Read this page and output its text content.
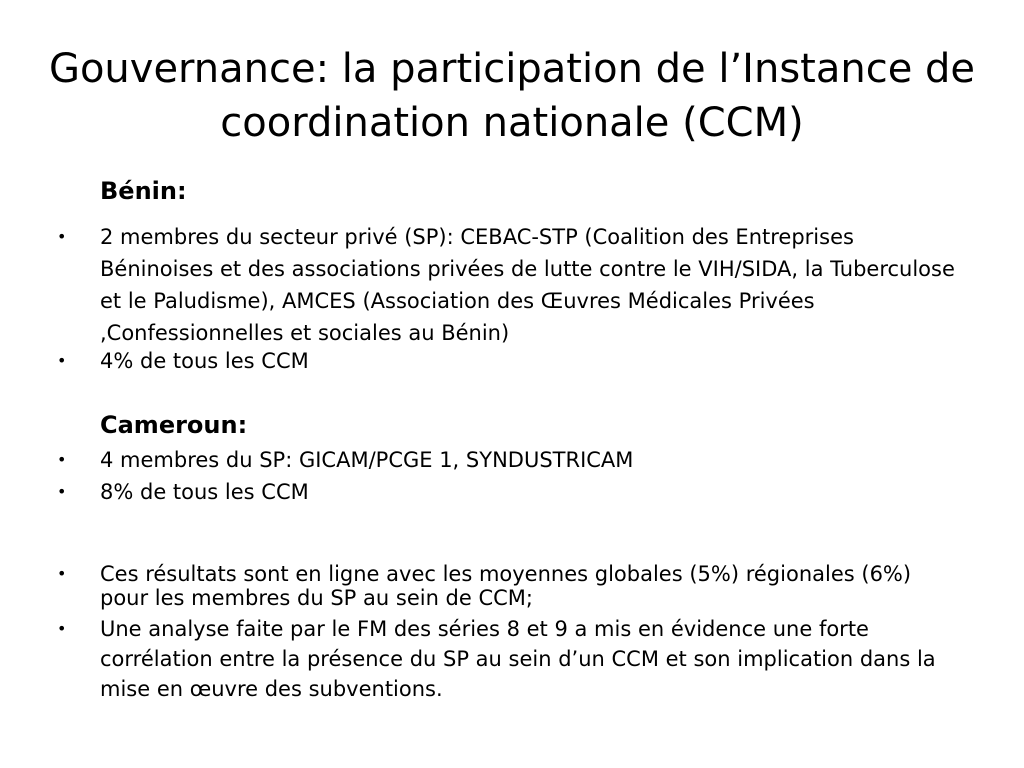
Gouvernance: la participation de l’Instance de coordination nationale (CCM)
Bénin:
• 2 membres du secteur privé (SP): CEBAC-STP (Coalition des Entreprises Béninoises et des associations privées de lutte contre le VIH/SIDA, la Tuberculose et le Paludisme), AMCES (Association des Œuvres Médicales Privées ,Confessionnelles et sociales au Bénin)
• 4% de tous les CCM
Cameroun:
• 4 membres du SP: GICAM/PCGE 1, SYNDUSTRICAM
• 8% de tous les CCM
• Ces résultats sont en ligne avec les moyennes globales (5%) régionales (6%) pour les membres du SP au sein de CCM;
• Une analyse faite par le FM des séries 8 et 9 a mis en évidence une forte corrélation entre la présence du SP au sein d’un CCM et son implication dans la mise en œuvre des subventions.
